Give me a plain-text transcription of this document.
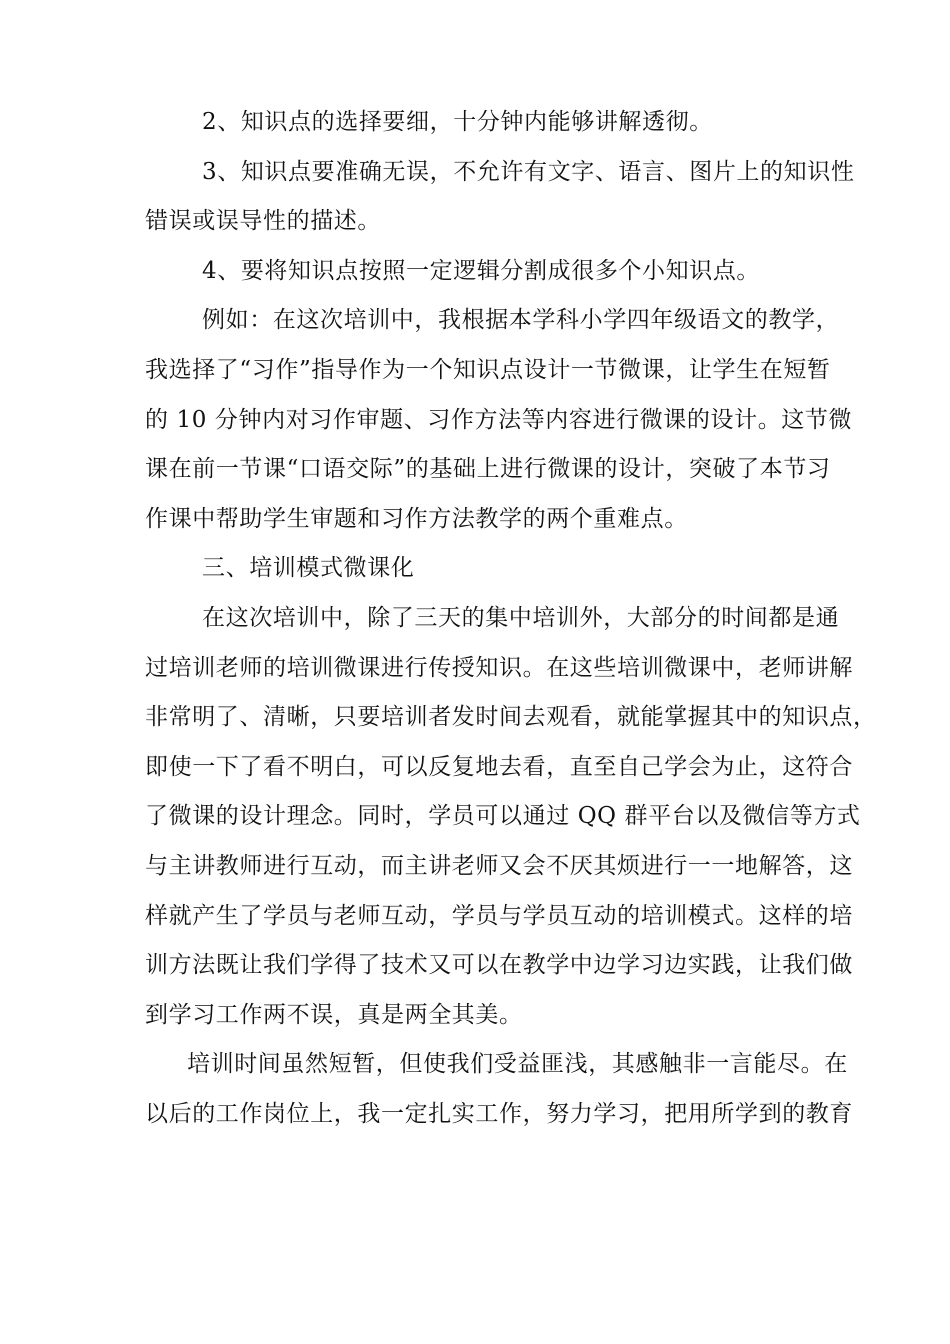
2、知识点的选择要细，十分钟内能够讲解透彻。

3、知识点要准确无误，不允许有文字、语言、图片上的知识性
错误或误导性的描述。

4、要将知识点按照一定逻辑分割成很多个小知识点。

例如：在这次培训中，我根据本学科小学四年级语文的教学，
我选择了“习作”指导作为一个知识点设计一节微课，让学生在短暂
的 10 分钟内对习作审题、习作方法等内容进行微课的设计。这节微
课在前一节课“口语交际”的基础上进行微课的设计，突破了本节习
作课中帮助学生审题和习作方法教学的两个重难点。

三、培训模式微课化

在这次培训中，除了三天的集中培训外，大部分的时间都是通
过培训老师的培训微课进行传授知识。在这些培训微课中，老师讲解
非常明了、清晰，只要培训者发时间去观看，就能掌握其中的知识点，
即使一下了看不明白，可以反复地去看，直至自己学会为止，这符合
了微课的设计理念。同时，学员可以通过 QQ 群平台以及微信等方式
与主讲教师进行互动，而主讲老师又会不厌其烦进行一一地解答，这
样就产生了学员与老师互动，学员与学员互动的培训模式。这样的培
训方法既让我们学得了技术又可以在教学中边学习边实践，让我们做
到学习工作两不误，真是两全其美。

培训时间虽然短暂，但使我们受益匪浅，其感触非一言能尽。在
以后的工作岗位上，我一定扎实工作，努力学习，把用所学到的教育
